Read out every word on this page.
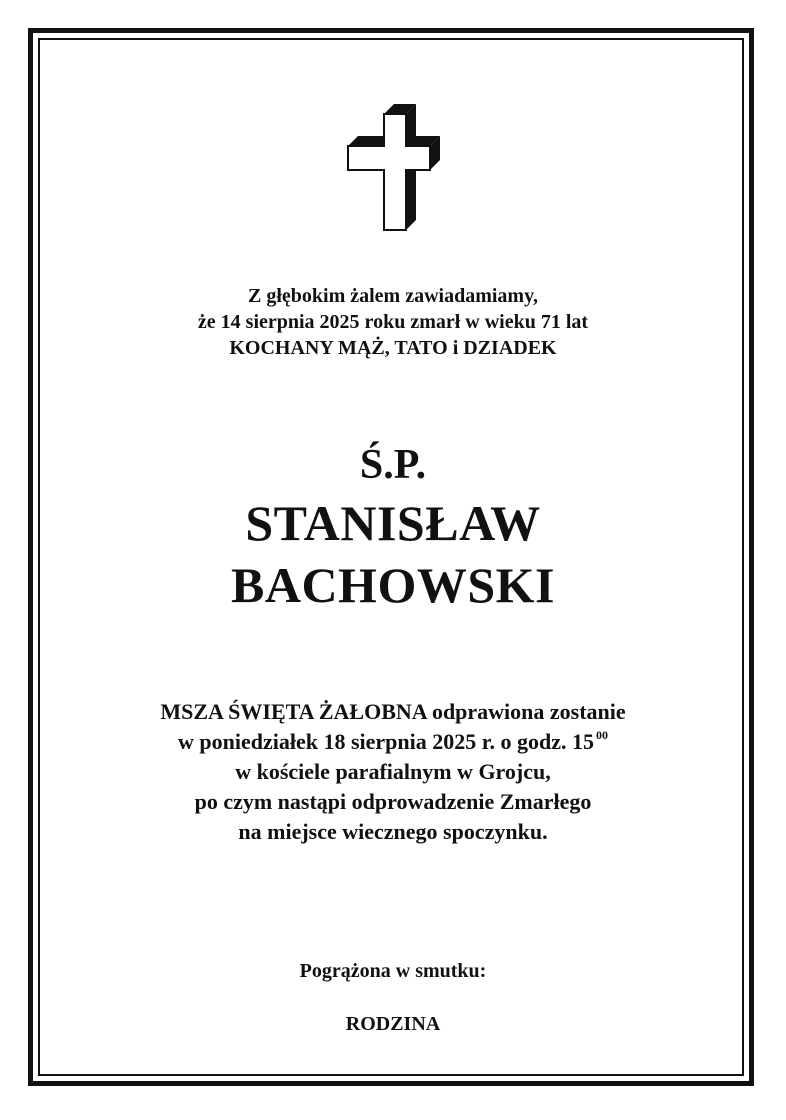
Z głębokim żalem zawiadamiamy,
że 14 sierpnia 2025 roku zmarł w wieku 71 lat
KOCHANY MĄŻ, TATO i DZIADEK
Ś.P.
STANISŁAW
BACHOWSKI
MSZA ŚWIĘTA ŻAŁOBNA odprawiona zostanie
w poniedziałek 18 sierpnia 2025 r. o godz. 15 $^{00}$
w kościele parafialnym w Grojcu,
po czym nastąpi odprowadzenie Zmarłego
na miejsce wiecznego spoczynku.
Pogrążona w smutku:
RODZINA
